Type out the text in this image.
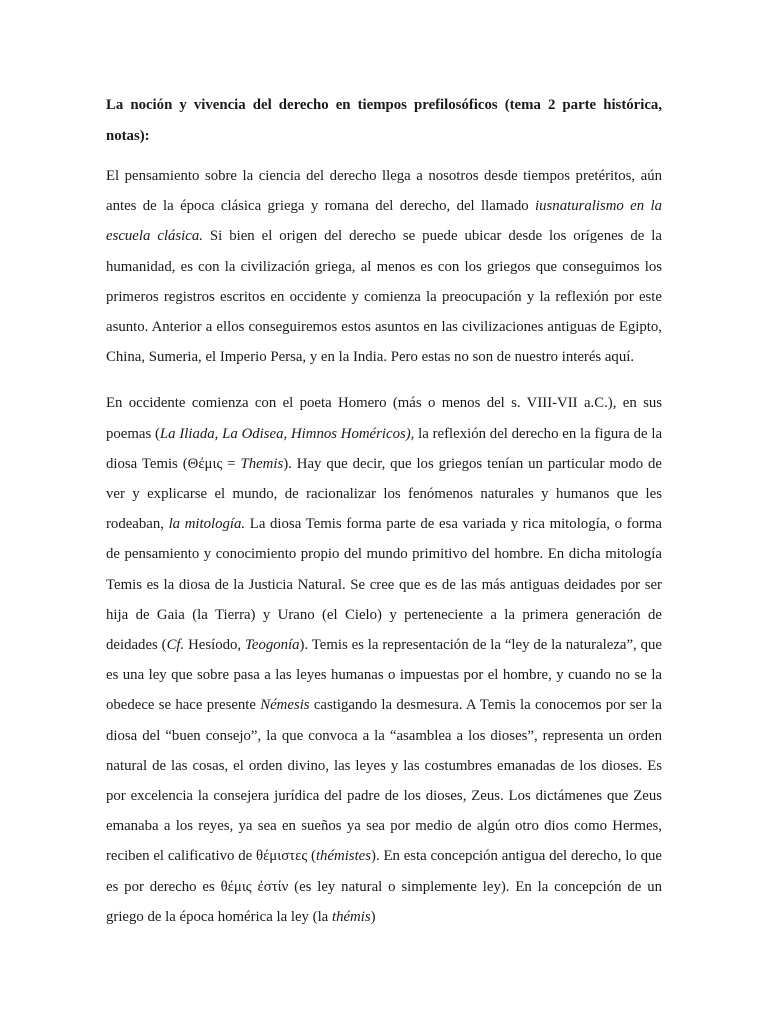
La noción y vivencia del derecho en tiempos prefilosóficos (tema 2 parte histórica, notas):

El pensamiento sobre la ciencia del derecho llega a nosotros desde tiempos pretéritos, aún antes de la época clásica griega y romana del derecho, del llamado iusnaturalismo en la escuela clásica. Si bien el origen del derecho se puede ubicar desde los orígenes de la humanidad, es con la civilización griega, al menos es con los griegos que conseguimos los primeros registros escritos en occidente y comienza la preocupación y la reflexión por este asunto. Anterior a ellos conseguiremos estos asuntos en las civilizaciones antiguas de Egipto, China, Sumeria, el Imperio Persa, y en la India. Pero estas no son de nuestro interés aquí.

En occidente comienza con el poeta Homero (más o menos del s. VIII-VII a.C.), en sus poemas (La Iliada, La Odisea, Himnos Homéricos), la reflexión del derecho en la figura de la diosa Temis (Θέμις = Themis). Hay que decir, que los griegos tenían un particular modo de ver y explicarse el mundo, de racionalizar los fenómenos naturales y humanos que les rodeaban, la mitología. La diosa Temis forma parte de esa variada y rica mitología, o forma de pensamiento y conocimiento propio del mundo primitivo del hombre. En dicha mitología Temis es la diosa de la Justicia Natural. Se cree que es de las más antiguas deidades por ser hija de Gaia (la Tierra) y Urano (el Cielo) y perteneciente a la primera generación de deidades (Cf. Hesíodo, Teogonía). Temis es la representación de la “ley de la naturaleza”, que es una ley que sobre pasa a las leyes humanas o impuestas por el hombre, y cuando no se la obedece se hace presente Némesis castigando la desmesura. A Temis la conocemos por ser la diosa del “buen consejo”, la que convoca a la “asamblea a los dioses”, representa un orden natural de las cosas, el orden divino, las leyes y las costumbres emanadas de los dioses. Es por excelencia la consejera jurídica del padre de los dioses, Zeus. Los dictámenes que Zeus emanaba a los reyes, ya sea en sueños ya sea por medio de algún otro dios como Hermes, reciben el calificativo de θέμιστες (thémistes). En esta concepción antigua del derecho, lo que es por derecho es θέμις ἐστίν (es ley natural o simplemente ley). En la concepción de un griego de la época homérica la ley (la thémis)
